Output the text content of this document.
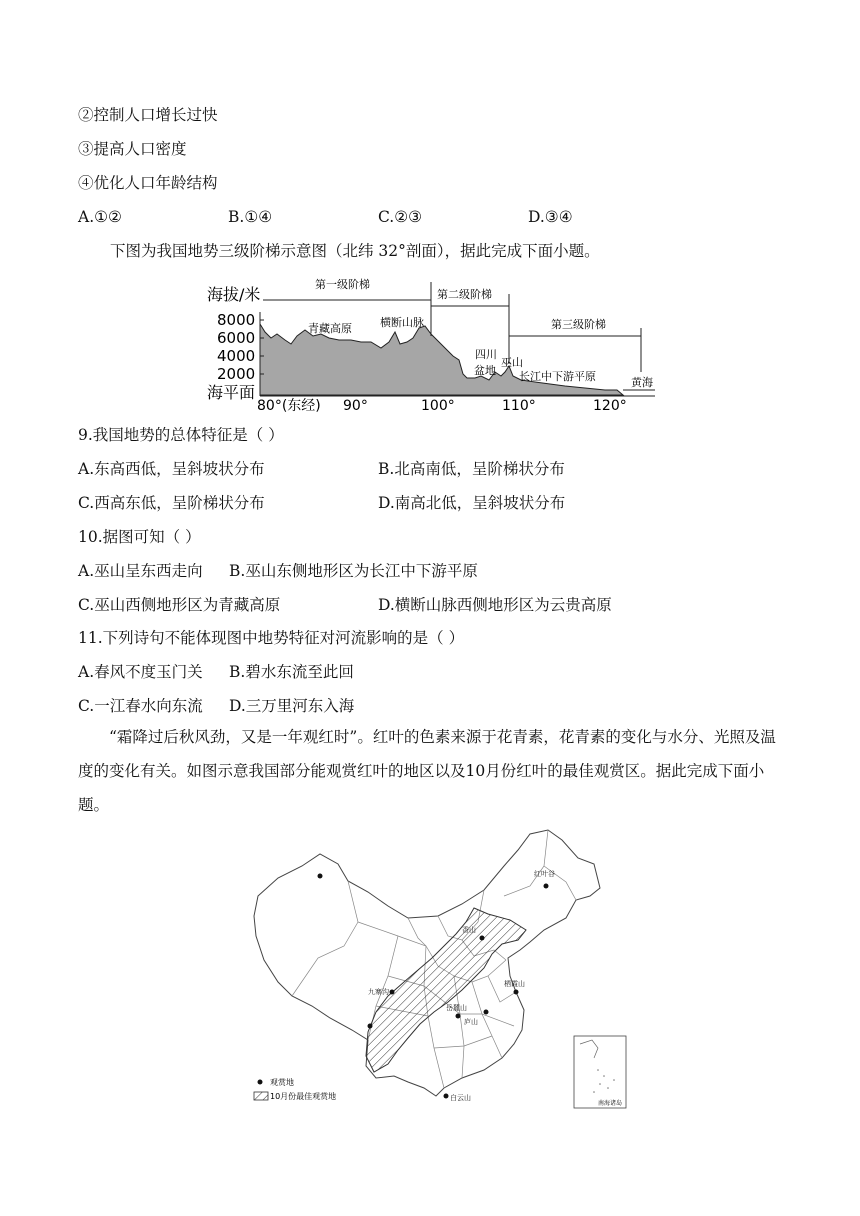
②控制人口增长过快
③提高人口密度
④优化人口年龄结构
A.①②	B.①④	C.②③	D.③④
下图为我国地势三级阶梯示意图（北纬 32°剖面），据此完成下面小题。
海拔/米
8000
6000
4000
2000
海平面
80°(东经) 90°	100°	110°	120°
第一级阶梯
第二级阶梯
第三级阶梯
青藏高原	横断山脉
四川
盆地
巫山
长江中下游平原	黄海
9.我国地势的总体特征是（ ）
A.东高西低，呈斜坡状分布	B.北高南低，呈阶梯状分布
C.西高东低，呈阶梯状分布	D.南高北低，呈斜坡状分布
10.据图可知（ ）
A.巫山呈东西走向 B.巫山东侧地形区为长江中下游平原
C.巫山西侧地形区为青藏高原	D.横断山脉西侧地形区为云贵高原
11.下列诗句不能体现图中地势特征对河流影响的是（ ）
A.春风不度玉门关 B.碧水东流至此回
C.一江春水向东流 D.三万里河东入海
“霜降过后秋风劲，又是一年观红时”。红叶的色素来源于花青素，花青素的变化与水分、光照及温度的变化有关。如图示意我国部分能观赏红叶的地区以及10月份红叶的最佳观赏区。据此完成下面小题。
红叶谷
香山
栖霞山
九寨沟
岳麓山
庐山
白云山
观赏地
10月份最佳观赏地
南海诸岛
